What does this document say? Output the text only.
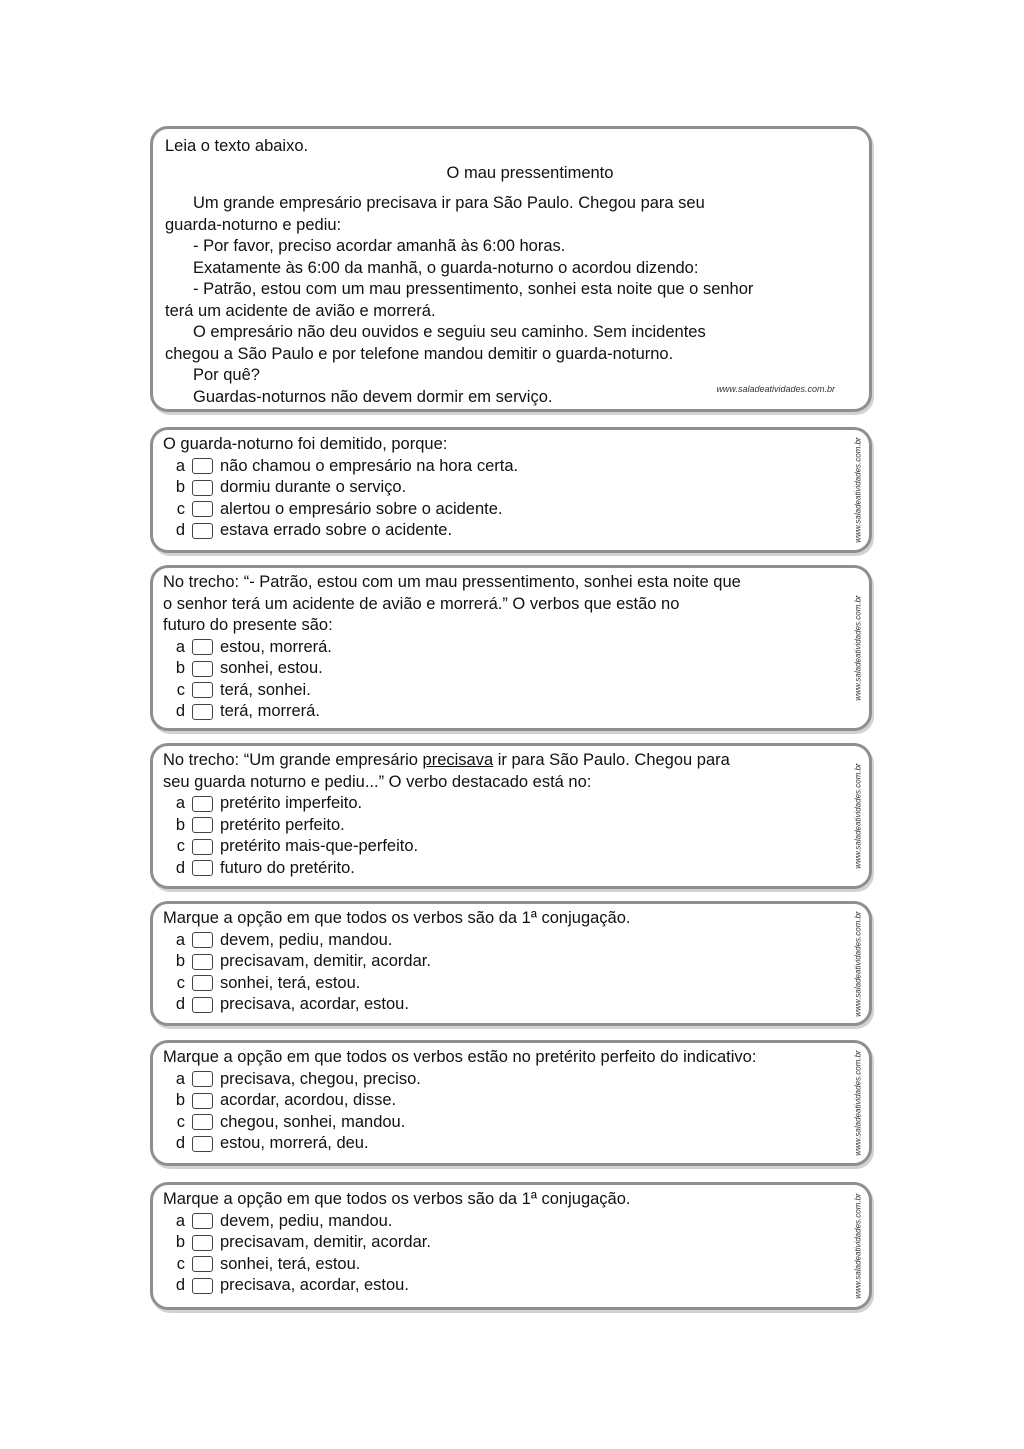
Leia o texto abaixo.

O mau pressentimento

Um grande empresário precisava ir para São Paulo. Chegou para seu

guarda-noturno e pediu:

- Por favor, preciso acordar amanhã às 6:00 horas.

Exatamente às 6:00 da manhã, o guarda-noturno o acordou dizendo:

- Patrão, estou com um mau pressentimento, sonhei esta noite que o senhor

terá um acidente de avião e morrerá.

O empresário não deu ouvidos e seguiu seu caminho. Sem incidentes

chegou a São Paulo e por telefone mandou demitir o guarda-noturno.

Por quê?

Guardas-noturnos não devem dormir em serviço.	www.saladeatividades.com.br

O guarda-noturno foi demitido, porque:

a não chamou o empresário na hora certa.
b dormiu durante o serviço.
c alertou o empresário sobre o acidente.
d estava errado sobre o acidente.	www.saladeatividades.com.br

No trecho: “- Patrão, estou com um mau pressentimento, sonhei esta noite que

o senhor terá um acidente de avião e morrerá.” O verbos que estão no

futuro do presente são:

a estou, morrerá.
b sonhei, estou.
c terá, sonhei.
d terá, morrerá.
www.saladeatividades.com.br

No trecho: “Um grande empresário precisava ir para São Paulo. Chegou para

seu guarda noturno e pediu...” O verbo destacado está no:

a pretérito imperfeito.
b pretérito perfeito.
c pretérito mais-que-perfeito.
d futuro do pretérito.	www.saladeatividades.com.br

Marque a opção em que todos os verbos são da 1ª conjugação.

a devem, pediu, mandou.
b precisavam, demitir, acordar.
c sonhei, terá, estou.
d precisava, acordar, estou.	www.saladeatividades.com.br

Marque a opção em que todos os verbos estão no pretérito perfeito do indicativo:

a precisava, chegou, preciso.
b acordar, acordou, disse.
c chegou, sonhei, mandou.
d estou, morrerá, deu.	www.saladeatividades.com.br

Marque a opção em que todos os verbos são da 1ª conjugação.

a devem, pediu, mandou.
b precisavam, demitir, acordar.
c sonhei, terá, estou.
d precisava, acordar, estou.	www.saladeatividades.com.br
